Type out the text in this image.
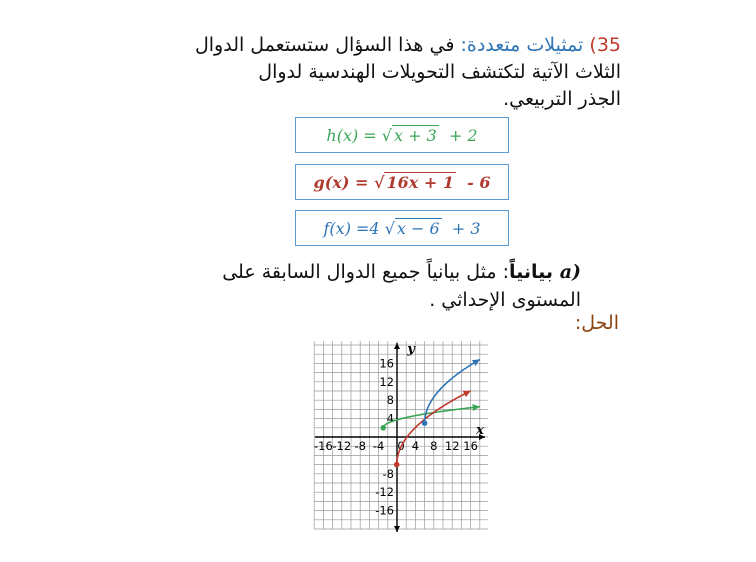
35) تمثيلات متعددة: في هذا السؤال ستستعمل الدوال
الثلاث الآتية لتكتشف التحويلات الهندسية لدوال
الجذر التربيعي.
h ( x ) = √ x + 3
+ 2
g ( x ) = √ 16x + 1
- 6
f ( x ) = 4 √ x − 6
+ 3
a) بيانياً: مثل بيانياً جميع الدوال السابقة على
المستوى الإحداثي .
الحل:
x
y
-16 -12 -8 -4 0 4 8 12 16
16
12
8
4
-8
-12
-16
